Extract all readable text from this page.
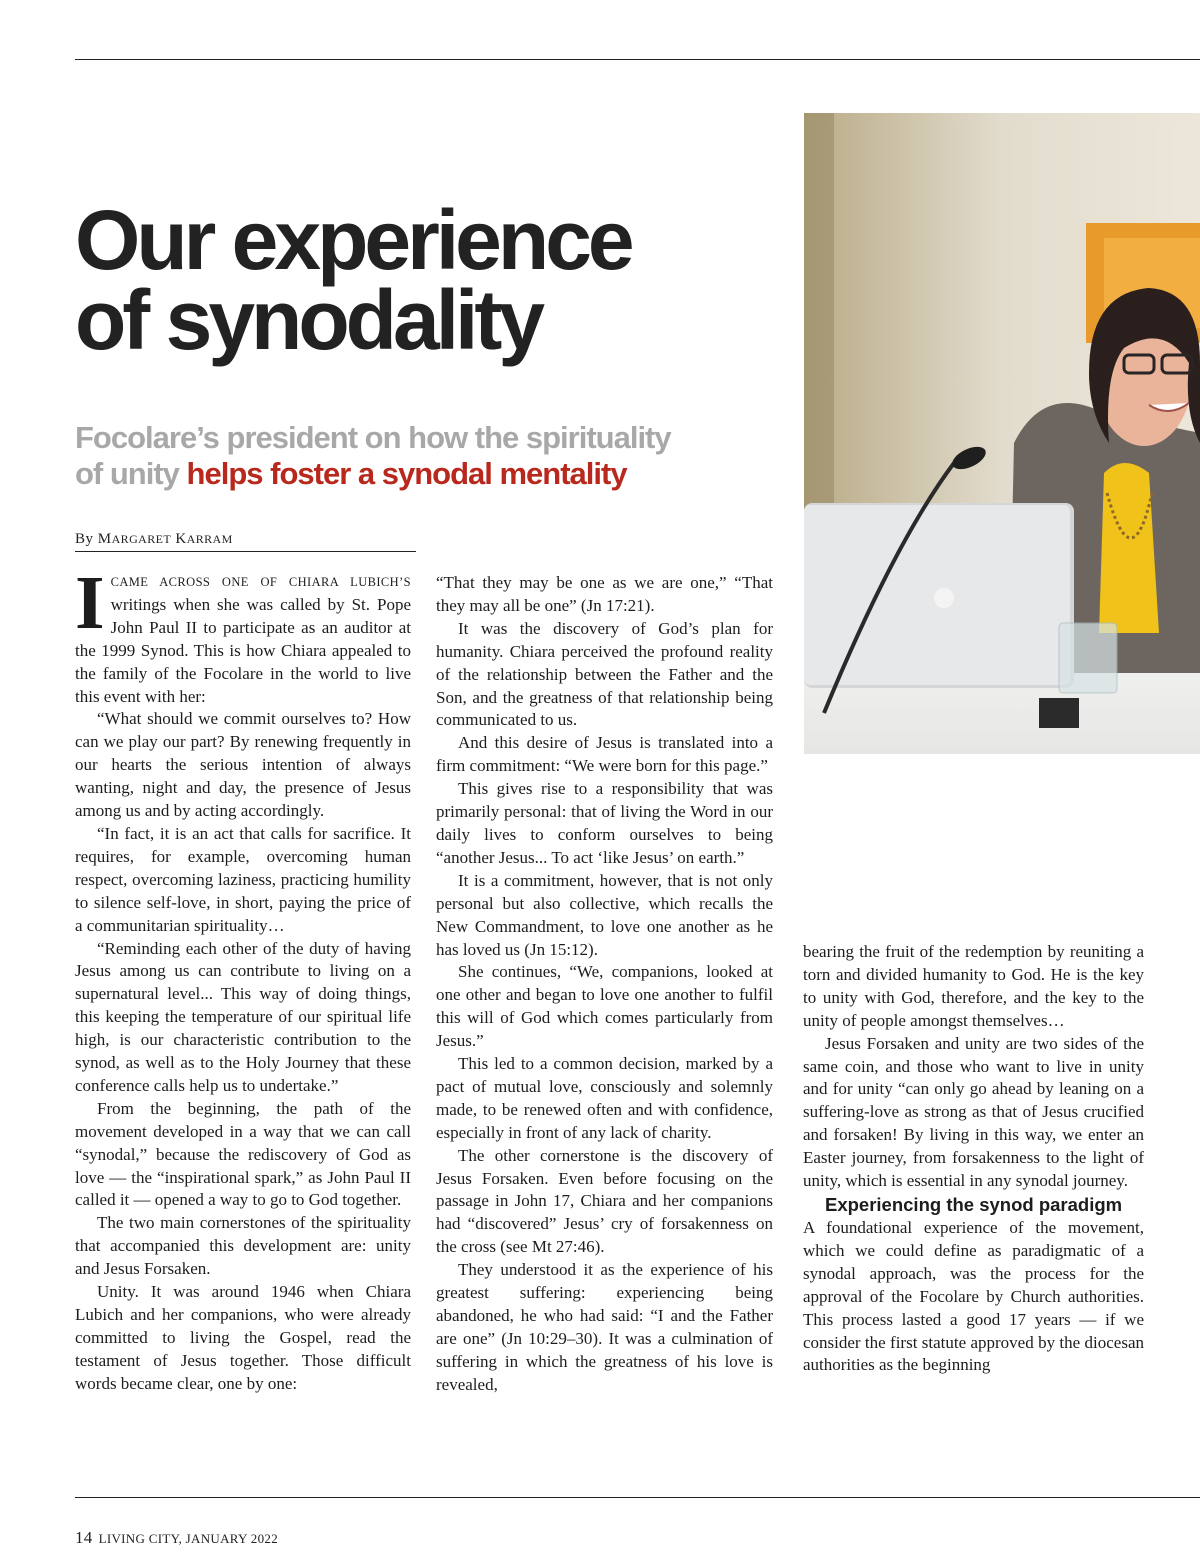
Our experience
of synodality
Focolare’s president on how the spirituality
of unity helps foster a synodal mentality
By MARGARET KARRAM

ICAME ACROSS ONE OF CHIARA LUBICH’S writings when she was called by St. Pope John Paul II to participate as an auditor at the 1999 Synod. This is how Chiara appealed to the family of the Focolare in the world to live this event with her:

“What should we commit ourselves to? How can we play our part? By renewing frequently in our hearts the serious intention of always wanting, night and day, the presence of Jesus among us and by acting accordingly.

“In fact, it is an act that calls for sacrifice. It requires, for example, overcoming human respect, overcoming laziness, practicing humility to silence self-love, in short, paying the price of a communitarian spirituality…

“Reminding each other of the duty of having Jesus among us can contribute to living on a supernatural level... This way of doing things, this keeping the temperature of our spiritual life high, is our characteristic contribution to the synod, as well as to the Holy Journey that these conference calls help us to undertake.”

From the beginning, the path of the movement developed in a way that we can call “synodal,” because the rediscovery of God as love — the “inspirational spark,” as John Paul II called it — opened a way to go to God together.

The two main cornerstones of the spirituality that accompanied this development are: unity and Jesus Forsaken.

Unity. It was around 1946 when Chiara Lubich and her companions, who were already committed to living the Gospel, read the testament of Jesus together. Those difficult words became clear, one by one:

“That they may be one as we are one,” “That they may all be one” (Jn 17:21).

It was the discovery of God’s plan for humanity. Chiara perceived the profound reality of the relationship between the Father and the Son, and the greatness of that relationship being communicated to us.

And this desire of Jesus is translated into a firm commitment: “We were born for this page.”

This gives rise to a responsibility that was primarily personal: that of living the Word in our daily lives to conform ourselves to being “another Jesus... To act ‘like Jesus’ on earth.”

It is a commitment, however, that is not only personal but also collective, which recalls the New Commandment, to love one another as he has loved us (Jn 15:12).

She continues, “We, companions, looked at one other and began to love one another to fulfil this will of God which comes particularly from Jesus.”

This led to a common decision, marked by a pact of mutual love, consciously and solemnly made, to be renewed often and with confidence, especially in front of any lack of charity.

The other cornerstone is the discovery of Jesus Forsaken. Even before focusing on the passage in John 17, Chiara and her companions had “discovered” Jesus’ cry of forsakenness on the cross (see Mt 27:46).

They understood it as the experience of his greatest suffering: experiencing being abandoned, he who had said: “I and the Father are one” (Jn 10:29–30). It was a culmination of suffering in which the greatness of his love is revealed,

bearing the fruit of the redemption by reuniting a torn and divided humanity to God. He is the key to unity with God, therefore, and the key to the unity of people amongst themselves…

Jesus Forsaken and unity are two sides of the same coin, and those who want to live in unity and for unity “can only go ahead by leaning on a suffering-love as strong as that of Jesus crucified and forsaken! By living in this way, we enter an Easter journey, from forsakenness to the light of unity, which is essential in any synodal journey.

Experiencing the synod paradigm

A foundational experience of the movement, which we could define as paradigmatic of a synodal approach, was the process for the approval of the Focolare by Church authorities. This process lasted a good 17 years — if we consider the first statute approved by the diocesan authorities as the beginning

14 LIVING CITY, JANUARY 2022
